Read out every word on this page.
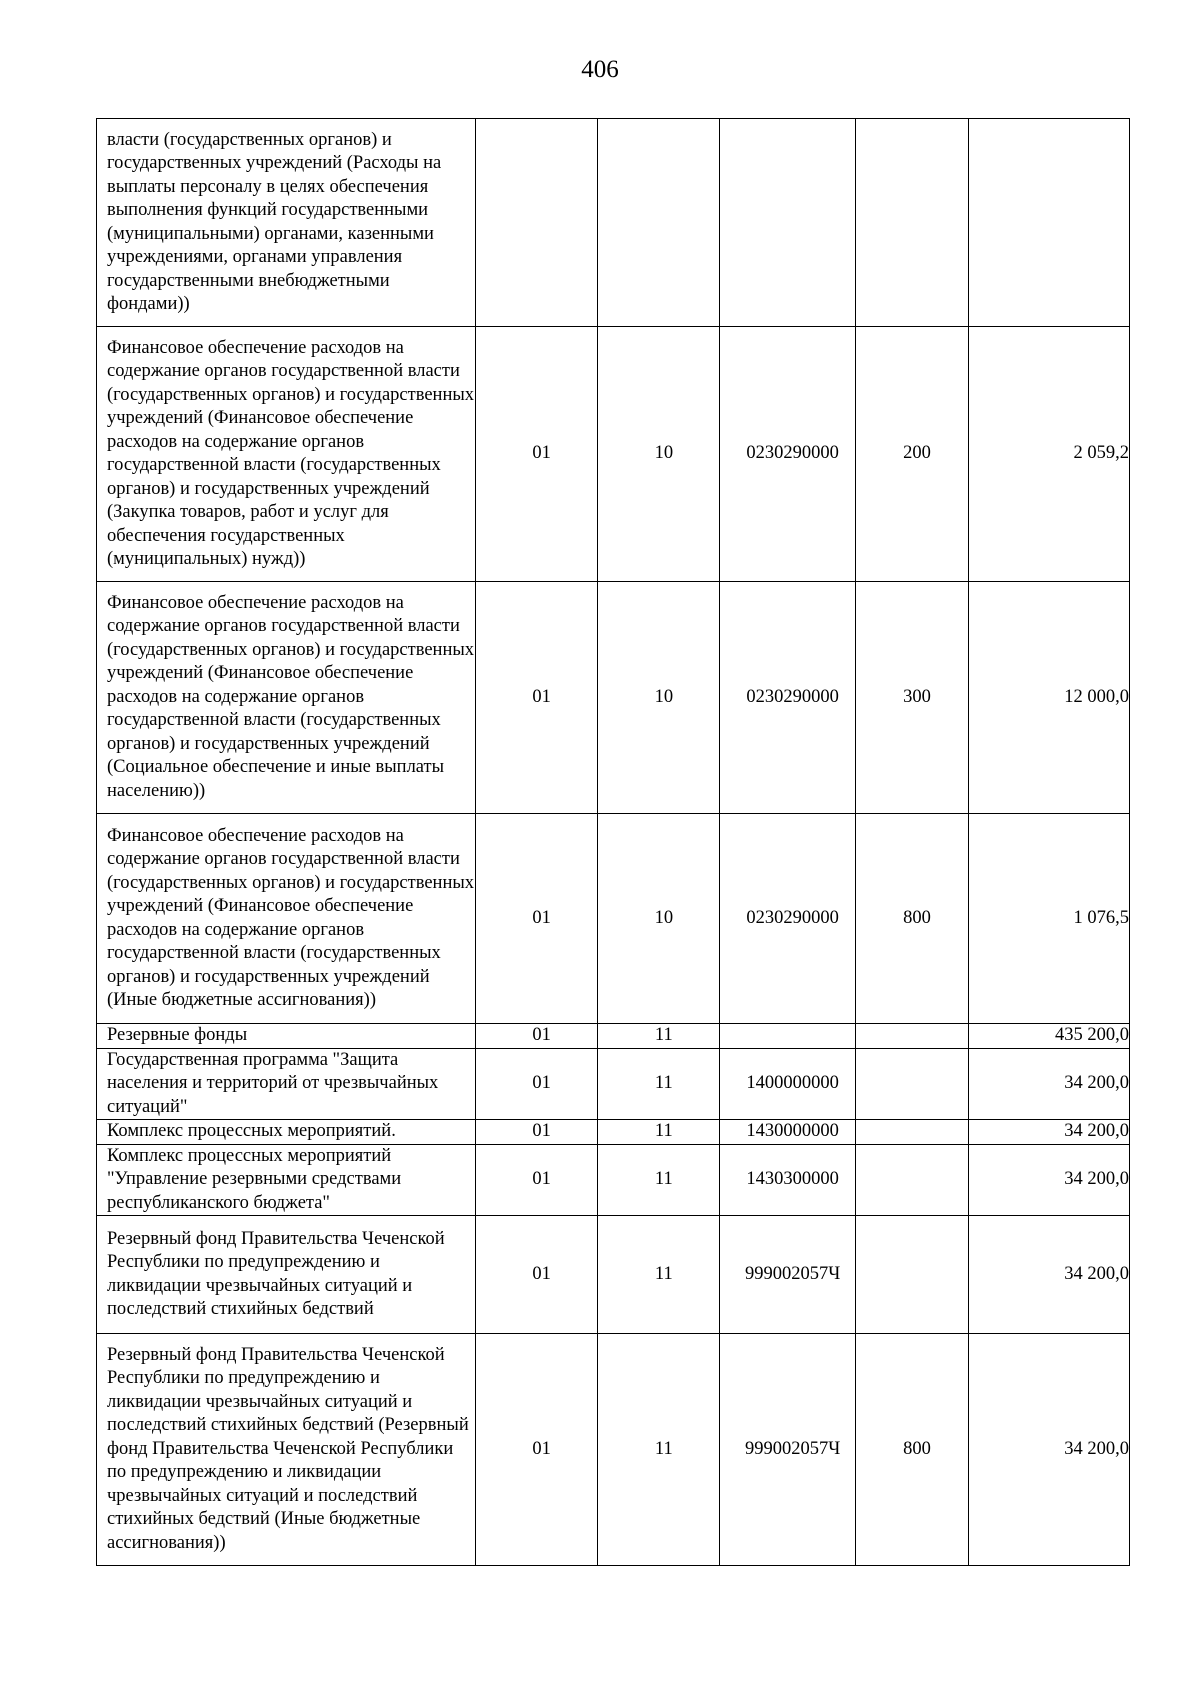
406
власти (государственных органов) и государственных учреждений (Расходы на выплаты персоналу в целях обеспечения выполнения функций государственными (муниципальными) органами, казенными учреждениями, органами управления государственными внебюджетными фондами))					
Финансовое обеспечение расходов на содержание органов государственной власти (государственных органов) и государственных учреждений (Финансовое обеспечение расходов на содержание органов государственной власти (государственных органов) и государственных учреждений (Закупка товаров, работ и услуг для обеспечения государственных (муниципальных) нужд))	01	10	0230290000	200	2 059,2
Финансовое обеспечение расходов на содержание органов государственной власти (государственных органов) и государственных учреждений (Финансовое обеспечение расходов на содержание органов государственной власти (государственных органов) и государственных учреждений (Социальное обеспечение и иные выплаты населению))	01	10	0230290000	300	12 000,0
Финансовое обеспечение расходов на содержание органов государственной власти (государственных органов) и государственных учреждений (Финансовое обеспечение расходов на содержание органов государственной власти (государственных органов) и государственных учреждений (Иные бюджетные ассигнования))	01	10	0230290000	800	1 076,5
Резервные фонды	01	11			435 200,0
Государственная программа "Защита населения и территорий от чрезвычайных ситуаций"	01	11	1400000000		34 200,0
Комплекс процессных мероприятий.	01	11	1430000000		34 200,0
Комплекс процессных мероприятий "Управление резервными средствами республиканского бюджета"	01	11	1430300000		34 200,0
Резервный фонд Правительства Чеченской Республики по предупреждению и ликвидации чрезвычайных ситуаций и последствий стихийных бедствий	01	11	999002057Ч		34 200,0
Резервный фонд Правительства Чеченской Республики по предупреждению и ликвидации чрезвычайных ситуаций и последствий стихийных бедствий (Резервный фонд Правительства Чеченской Республики по предупреждению и ликвидации чрезвычайных ситуаций и последствий стихийных бедствий (Иные бюджетные ассигнования))	01	11	999002057Ч	800	34 200,0
